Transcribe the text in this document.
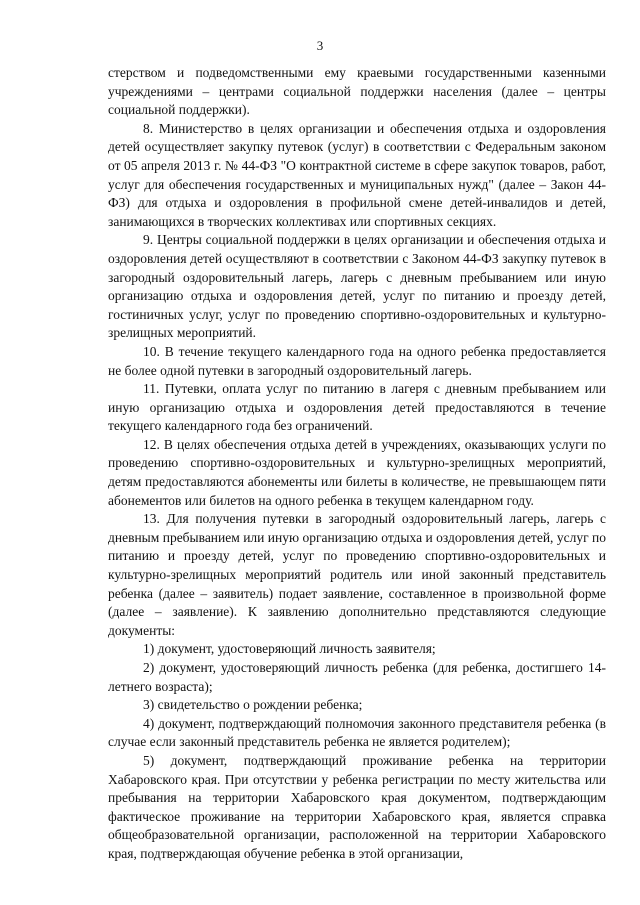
3

стерством и подведомственными ему краевыми государственными казенными учреждениями – центрами социальной поддержки населения (далее – центры социальной поддержки).

8. Министерство в целях организации и обеспечения отдыха и оздоровления детей осуществляет закупку путевок (услуг) в соответствии с Федеральным законом от 05 апреля 2013 г. № 44-ФЗ "О контрактной системе в сфере закупок товаров, работ, услуг для обеспечения государственных и муниципальных нужд" (далее – Закон 44-ФЗ) для отдыха и оздоровления в профильной смене детей-инвалидов и детей, занимающихся в творческих коллективах или спортивных секциях.

9. Центры социальной поддержки в целях организации и обеспечения отдыха и оздоровления детей осуществляют в соответствии с Законом 44-ФЗ закупку путевок в загородный оздоровительный лагерь, лагерь с дневным пребыванием или иную организацию отдыха и оздоровления детей, услуг по питанию и проезду детей, гостиничных услуг, услуг по проведению спортивно-оздоровительных и культурно-зрелищных мероприятий.

10. В течение текущего календарного года на одного ребенка предоставляется не более одной путевки в загородный оздоровительный лагерь.

11. Путевки, оплата услуг по питанию в лагеря с дневным пребыванием или иную организацию отдыха и оздоровления детей предоставляются в течение текущего календарного года без ограничений.

12. В целях обеспечения отдыха детей в учреждениях, оказывающих услуги по проведению спортивно-оздоровительных и культурно-зрелищных мероприятий, детям предоставляются абонементы или билеты в количестве, не превышающем пяти абонементов или билетов на одного ребенка в текущем календарном году.

13. Для получения путевки в загородный оздоровительный лагерь, лагерь с дневным пребыванием или иную организацию отдыха и оздоровления детей, услуг по питанию и проезду детей, услуг по проведению спортивно-оздоровительных и культурно-зрелищных мероприятий родитель или иной законный представитель ребенка (далее – заявитель) подает заявление, составленное в произвольной форме (далее – заявление). К заявлению дополнительно представляются следующие документы:

1) документ, удостоверяющий личность заявителя;

2) документ, удостоверяющий личность ребенка (для ребенка, достигшего 14-летнего возраста);

3) свидетельство о рождении ребенка;

4) документ, подтверждающий полномочия законного представителя ребенка (в случае если законный представитель ребенка не является родителем);

5) документ, подтверждающий проживание ребенка на территории Хабаровского края. При отсутствии у ребенка регистрации по месту жительства или пребывания на территории Хабаровского края документом, подтверждающим фактическое проживание на территории Хабаровского края, является справка общеобразовательной организации, расположенной на территории Хабаровского края, подтверждающая обучение ребенка в этой организации,
